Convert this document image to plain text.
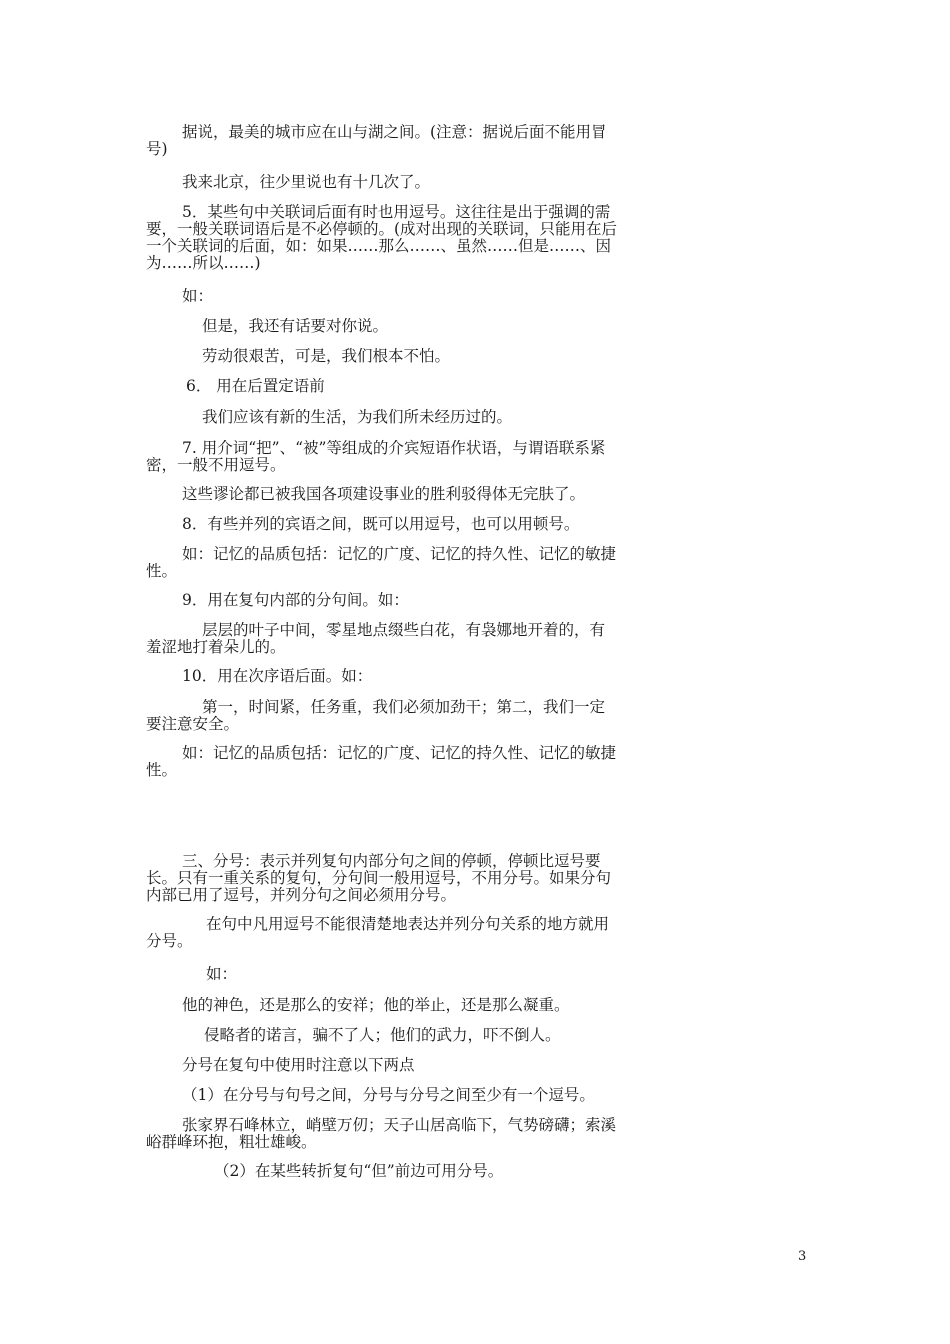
据说，最美的城市应在山与湖之间。(注意：据说后面不能用冒号)

我来北京，往少里说也有十几次了。

5．某些句中关联词后面有时也用逗号。这往往是出于强调的需要，一般关联词语后是不必停顿的。(成对出现的关联词，只能用在后一个关联词的后面，如：如果……那么……、虽然……但是……、因为……所以……)

如：

但是，我还有话要对你说。

劳动很艰苦，可是，我们根本不怕。

6． 用在后置定语前

我们应该有新的生活，为我们所未经历过的。

7. 用介词“把”、“被”等组成的介宾短语作状语，与谓语联系紧密，一般不用逗号。

这些谬论都已被我国各项建设事业的胜利驳得体无完肤了。

8．有些并列的宾语之间，既可以用逗号，也可以用顿号。

如：记忆的品质包括：记忆的广度、记忆的持久性、记忆的敏捷性。

9．用在复句内部的分句间。如：

层层的叶子中间，零星地点缀些白花，有袅娜地开着的，有羞涩地打着朵儿的。

10．用在次序语后面。如：

第一，时间紧，任务重，我们必须加劲干；第二，我们一定要注意安全。

如：记忆的品质包括：记忆的广度、记忆的持久性、记忆的敏捷性。

三、分号：表示并列复句内部分句之间的停顿，停顿比逗号要长。只有一重关系的复句，分句间一般用逗号，不用分号。如果分句内部已用了逗号，并列分句之间必须用分号。

在句中凡用逗号不能很清楚地表达并列分句关系的地方就用分号。

如：

他的神色，还是那么的安祥；他的举止，还是那么凝重。

侵略者的诺言，骗不了人；他们的武力，吓不倒人。

分号在复句中使用时注意以下两点

（1）在分号与句号之间，分号与分号之间至少有一个逗号。

张家界石峰林立，峭壁万仞；天子山居高临下，气势磅礴；索溪峪群峰环抱，粗壮雄峻。

（2）在某些转折复句“但”前边可用分号。

3
